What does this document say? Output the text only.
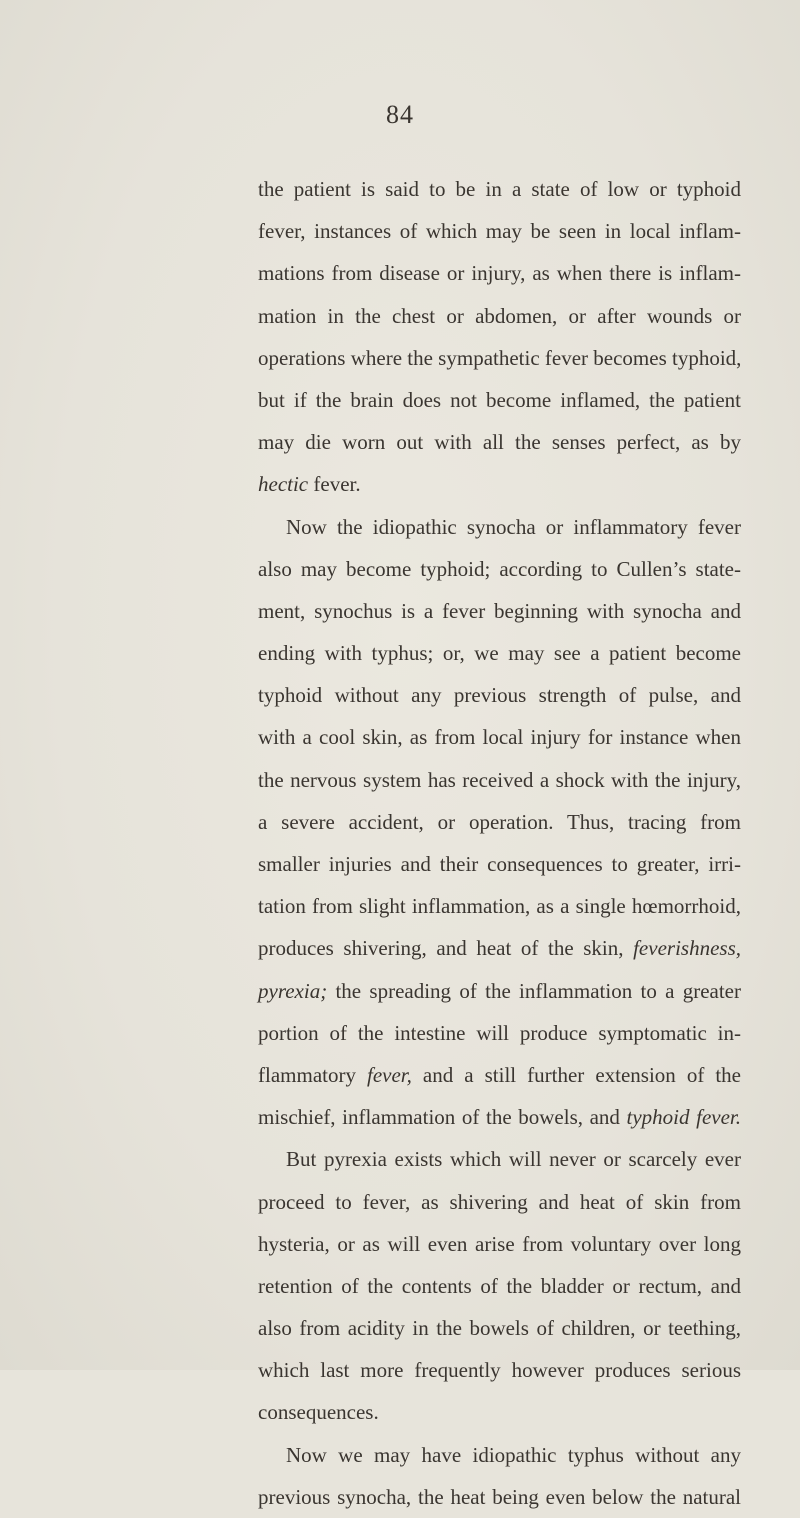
84
the patient is said to be in a state of low or typhoid
fever, instances of which may be seen in local inflam-
mations from disease or injury, as when there is inflam-
mation in the chest or abdomen, or after wounds or
operations where the sympathetic fever becomes typhoid,
but if the brain does not become inflamed, the patient
may die worn out with all the senses perfect, as by
hectic fever.
Now the idiopathic synocha or inflammatory fever
also may become typhoid; according to Cullen’s state-
ment, synochus is a fever beginning with synocha and
ending with typhus; or, we may see a patient become
typhoid without any previous strength of pulse, and
with a cool skin, as from local injury for instance when
the nervous system has received a shock with the injury,
a severe accident, or operation. Thus, tracing from
smaller injuries and their consequences to greater, irri-
tation from slight inflammation, as a single hœmorrhoid,
produces shivering, and heat of the skin, feverishness,
pyrexia; the spreading of the inflammation to a greater
portion of the intestine will produce symptomatic in-
flammatory fever, and a still further extension of the
mischief, inflammation of the bowels, and typhoid fever.
But pyrexia exists which will never or scarcely ever
proceed to fever, as shivering and heat of skin from
hysteria, or as will even arise from voluntary over long
retention of the contents of the bladder or rectum, and
also from acidity in the bowels of children, or teething,
which last more frequently however produces serious
consequences.
Now we may have idiopathic typhus without any
previous synocha, the heat being even below the natural
